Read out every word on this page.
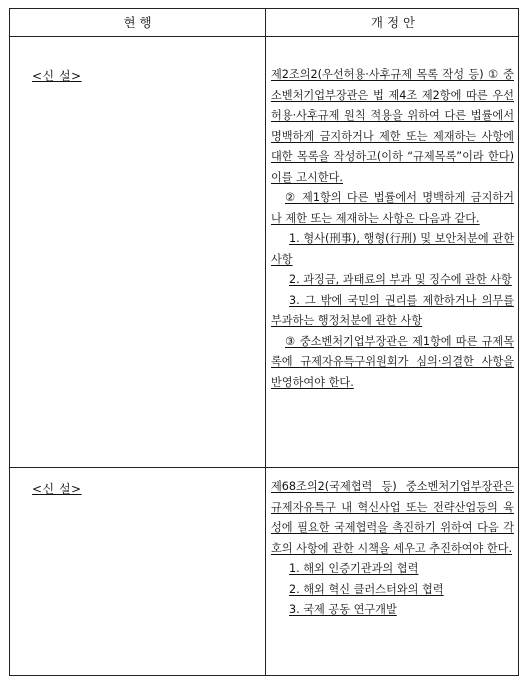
현 행	개 정 안
<신 설>	제2조의2(우선허용·사후규제 목록 작성 등) ① 중소벤처기업부장관은 법 제4조 제2항에 따른 우선허용·사후규제 원칙 적용을 위하여 다른 법률에서 명백하게 금지하거나 제한 또는 제재하는 사항에 대한 목록을 작성하고(이하 “규제목록”이라 한다) 이를 고시한다.

② 제1항의 다른 법률에서 명백하게 금지하거나 제한 또는 제재하는 사항은 다음과 같다.

1. 형사(刑事), 행형(行刑) 및 보안처분에 관한 사항

2. 과징금, 과태료의 부과 및 징수에 관한 사항

3. 그 밖에 국민의 권리를 제한하거나 의무를 부과하는 행정처분에 관한 사항

③ 중소벤처기업부장관은 제1항에 따른 규제목록에 규제자유특구위원회가 심의·의결한 사항을 반영하여야 한다.

<신 설>	제68조의2(국제협력 등) 중소벤처기업부장관은 규제자유특구 내 혁신사업 또는 전략산업등의 육성에 필요한 국제협력을 촉진하기 위하여 다음 각 호의 사항에 관한 시책을 세우고 추진하여야 한다.

1. 해외 인증기관과의 협력

2. 해외 혁신 클러스터와의 협력

3. 국제 공동 연구개발
